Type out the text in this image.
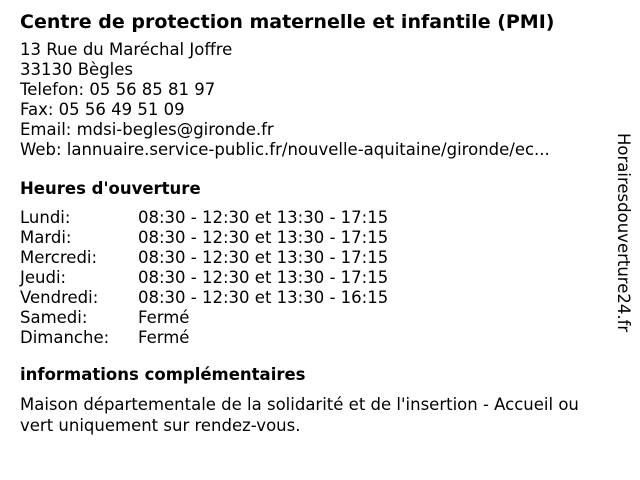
Centre de protection maternelle et infantile (PMI)
13 Rue du Maréchal Joffre
33130 Bègles
Telefon: 05 56 85 81 97
Fax: 05 56 49 51 09
Email: mdsi-begles@gironde.fr
Web: lannuaire.service-public.fr/nouvelle-aquitaine/gironde/ec...
Heures d'ouverture
Lundi:	08:30 - 12:30 et 13:30 - 17:15
Mardi:	08:30 - 12:30 et 13:30 - 17:15
Mercredi:	08:30 - 12:30 et 13:30 - 17:15
Jeudi:	08:30 - 12:30 et 13:30 - 17:15
Vendredi:	08:30 - 12:30 et 13:30 - 16:15
Samedi:	Fermé
Dimanche:	Fermé
informations complémentaires
Maison départementale de la solidarité et de l'insertion - Accueil ouvert uniquement sur rendez-vous.
Horairesdouverture24.fr
